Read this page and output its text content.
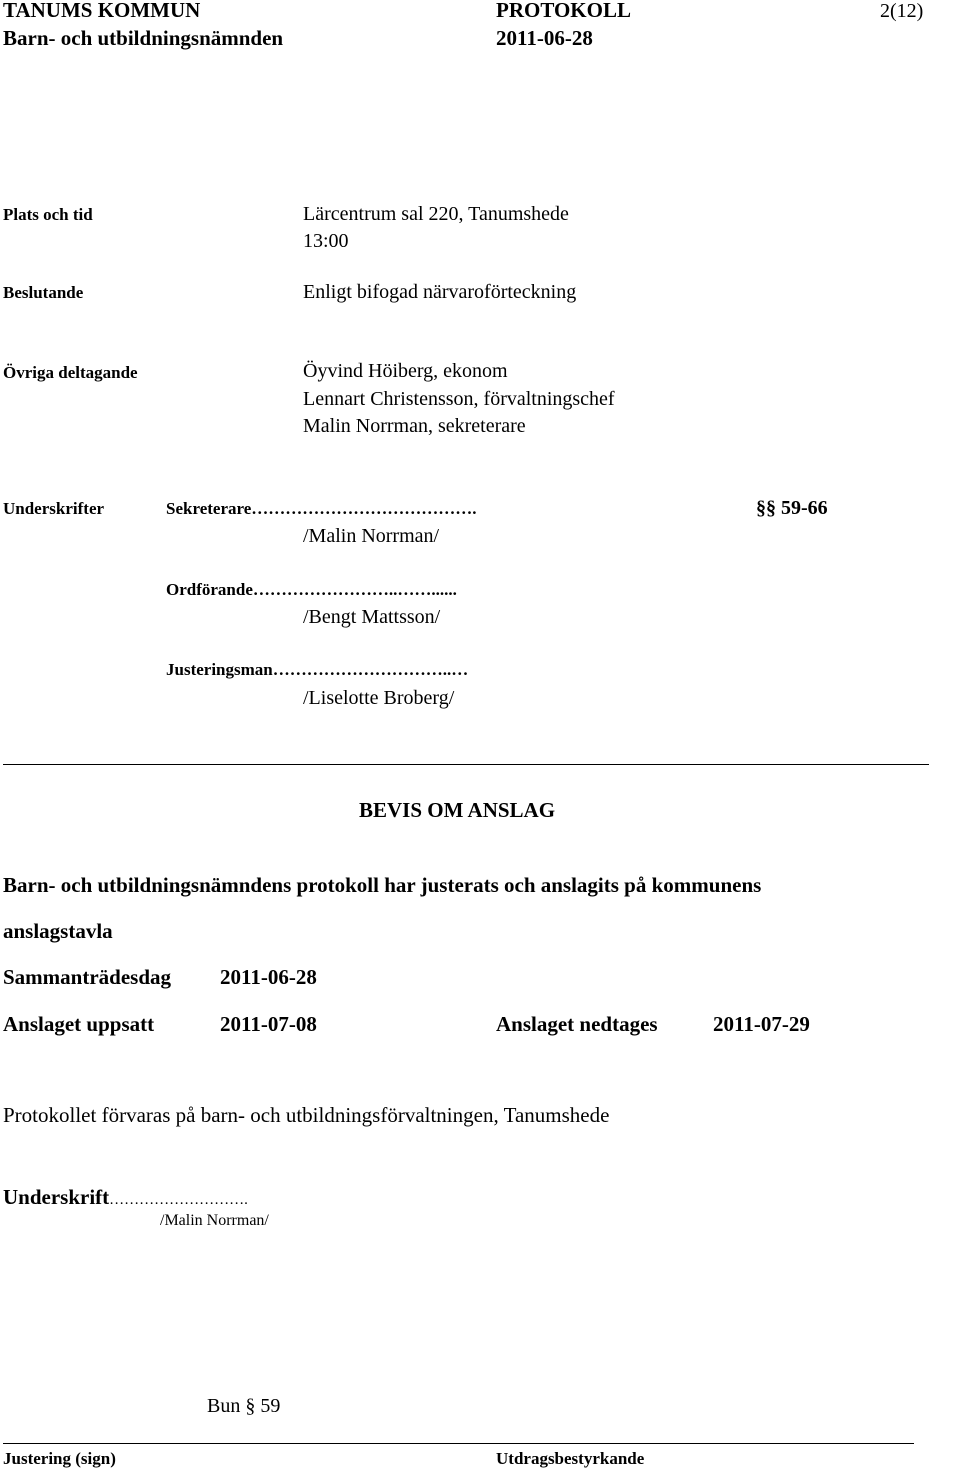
TANUMS KOMMUN	PROTOKOLL	2(12)
Barn- och utbildningsnämnden	2011-06-28
Plats och tid	Lärcentrum sal 220, Tanumshede
13:00
Beslutande	Enligt bifogad närvaroförteckning
Övriga deltagande	Öyvind Höiberg, ekonom
Lennart Christensson, förvaltningschef
Malin Norrman, sekreterare
Underskrifter	Sekreterare………………………………….	§§ 59-66
/Malin Norrman/
Ordförande……………………..……......
/Bengt Mattsson/
Justeringsman…………………………..…
/Liselotte Broberg/
BEVIS OM ANSLAG
Barn- och utbildningsnämndens protokoll har justerats och anslagits på kommunens
anslagstavla
Sammanträdesdag 2011-06-28
Anslaget uppsatt	2011-07-08	Anslaget nedtages	2011-07-29
Protokollet förvaras på barn- och utbildningsförvaltningen, Tanumshede
Underskrift……………………….
/Malin Norrman/
Bun § 59
Justering (sign)	Utdragsbestyrkande
